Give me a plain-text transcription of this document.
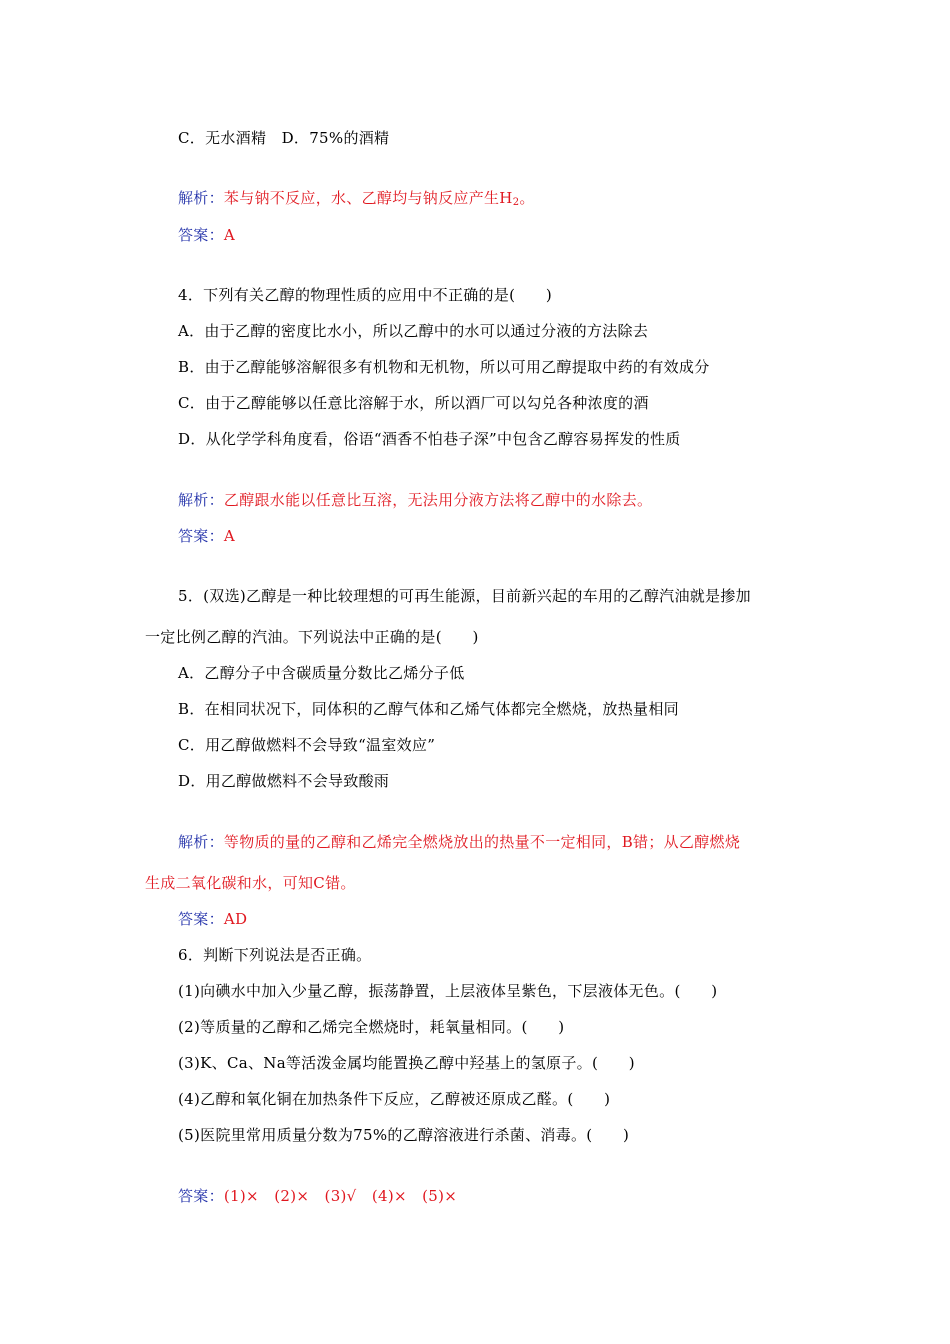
C．无水酒精　D．75%的酒精
解析：苯与钠不反应，水、乙醇均与钠反应产生$H_2$。
答案：A
4．下列有关乙醇的物理性质的应用中不正确的是(　　)
A．由于乙醇的密度比水小，所以乙醇中的水可以通过分液的方法除去
B．由于乙醇能够溶解很多有机物和无机物，所以可用乙醇提取中药的有效成分
C．由于乙醇能够以任意比溶解于水，所以酒厂可以勾兑各种浓度的酒
D．从化学学科角度看，俗语“酒香不怕巷子深”中包含乙醇容易挥发的性质
解析：乙醇跟水能以任意比互溶，无法用分液方法将乙醇中的水除去。
答案：A
5．(双选)乙醇是一种比较理想的可再生能源，目前新兴起的车用的乙醇汽油就是掺加
一定比例乙醇的汽油。下列说法中正确的是(　　)
A．乙醇分子中含碳质量分数比乙烯分子低
B．在相同状况下，同体积的乙醇气体和乙烯气体都完全燃烧，放热量相同
C．用乙醇做燃料不会导致“温室效应”
D．用乙醇做燃料不会导致酸雨
解析：等物质的量的乙醇和乙烯完全燃烧放出的热量不一定相同，B错；从乙醇燃烧
生成二氧化碳和水，可知C错。
答案：AD
6．判断下列说法是否正确。
(1)向碘水中加入少量乙醇，振荡静置，上层液体呈紫色，下层液体无色。(　　)
(2)等质量的乙醇和乙烯完全燃烧时，耗氧量相同。(　　)
(3)K、Ca、Na等活泼金属均能置换乙醇中羟基上的氢原子。(　　)
(4)乙醇和氧化铜在加热条件下反应，乙醇被还原成乙醛。(　　)
(5)医院里常用质量分数为75%的乙醇溶液进行杀菌、消毒。(　　)
答案：(1)×　(2)×　(3)√　(4)×　(5)×
